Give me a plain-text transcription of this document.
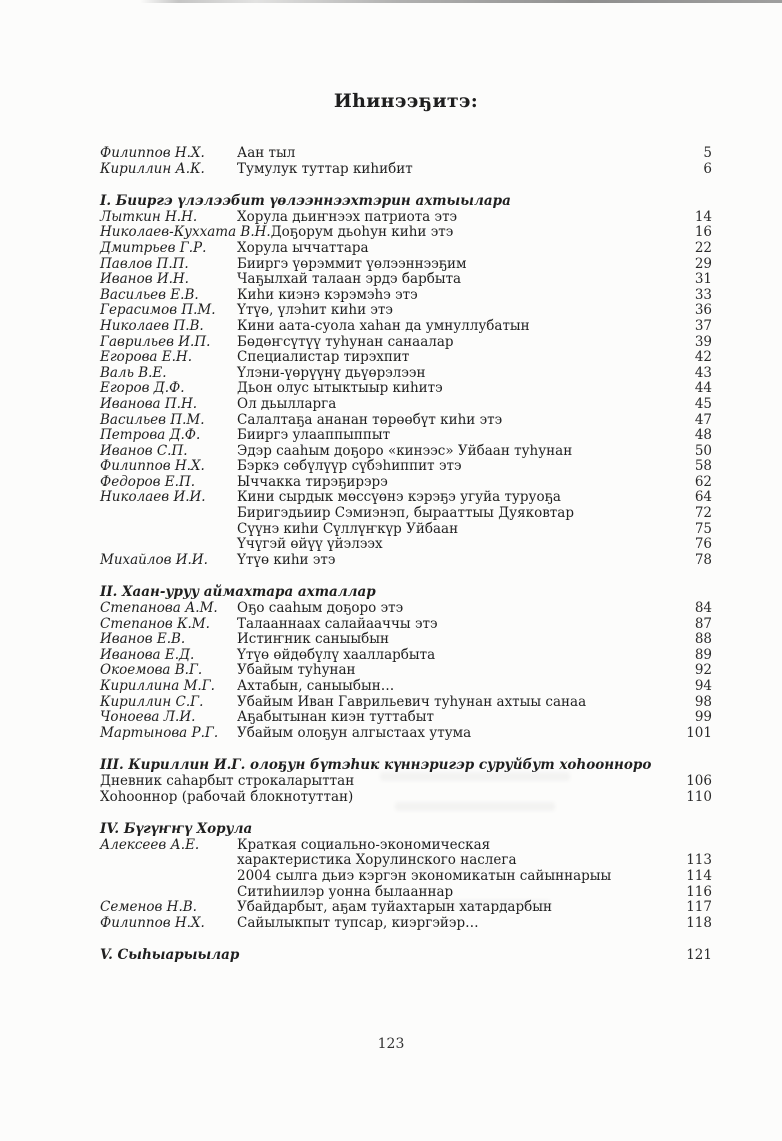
Иһинээҕитэ:
Филиппов Н.Х.	Аан тыл	5
Кириллин А.К.	Тумулук туттар киһибит	6
I. Бииргэ үлэлээбит үөлээннээхтэрин ахтыылара
Лыткин Н.Н.	Хорула дьиҥнээх патриота этэ	14
Николаев-Куххата В.Н. Доҕорум дьоһун киһи этэ	16
Дмитрьев Г.Р.	Хорула ыччаттара	22
Павлов П.П.	Бииргэ үөрэммит үөлээннээҕим	29
Иванов И.Н.	Чаҕылхай талаан эрдэ барбыта	31
Васильев Е.В.	Киһи киэнэ кэрэмэһэ этэ	33
Герасимов П.М.	Үтүө, үлэһит киһи этэ	36
Николаев П.В.	Кини аата-суола хаһан да умнуллубатын	37
Гаврильев И.П.	Бөдөҥсүтүү туһунан санаалар	39
Егорова Е.Н.	Специалистар тирэхпит	42
Валь В.Е.	Үлэни-үөрүүнү дьүөрэлээн	43
Егоров Д.Ф.	Дьон олус ытыктыыр киһитэ	44
Иванова П.Н.	Ол дьылларга	45
Васильев П.М.	Салалтаҕа ананан төрөөбүт киһи этэ	47
Петрова Д.Ф.	Бииргэ улааппыппыт	48
Иванов С.П.	Эдэр сааһым доҕоро «кинээс» Уйбаан туһунан	50
Филиппов Н.Х.	Бэркэ сөбүлүүр сүбэһиппит этэ	58
Федоров Е.П.	Ыччакка тирэҕирэрэ	62
Николаев И.И.	Кини сырдык мөссүөнэ кэрэҕэ угуйа туруоҕа	64
Биригэдьиир Сэмиэнэп, бырааттыы Дуяковтар	72
Сүүнэ киһи Сүллүҥкүр Уйбаан	75
Үчүгэй өйүү үйэлээх	76
Михайлов И.И.	Үтүө киһи этэ	78
II. Хаан-уруу аймахтара ахталлар
Степанова А.М.	Оҕо сааһым доҕоро этэ	84
Степанов К.М.	Талааннаах салайааччы этэ	87
Иванов Е.В.	Истиҥник саныыбын	88
Иванова Е.Д.	Үтүө өйдөбүлү хаалларбыта	89
Окоемова В.Г.	Убайым туһунан	92
Кириллина М.Г.	Ахтабын, саныыбын…	94
Кириллин С.Г.	Убайым Иван Гаврильевич туһунан ахтыы санаа	98
Чоноева Л.И.	Аҕабытынан киэн туттабыт	99
Мартынова Р.Г.	Убайым олоҕун алгыстаах утума	101
III. Кириллин И.Г. олоҕун бүтэһик күннэригэр суруйбут хоһоонноро
Дневник саһарбыт строкаларыттан	106
Хоһооннор (рабочай блокнотуттан)	110
IV. Бүгүҥҥү Хорула
Алексеев А.Е.	Краткая социально-экономическая
характеристика Хорулинского наслега	113
2004 сылга дьиэ кэргэн экономикатын сайыннарыы	114
Ситиһиилэр уонна былааннар	116
Семенов Н.В.	Убайдарбыт, аҕам туйахтарын хатардарбын	117
Филиппов Н.Х.	Сайылыкпыт тупсар, киэргэйэр…	118
V. Сыһыарыылар	121
123
